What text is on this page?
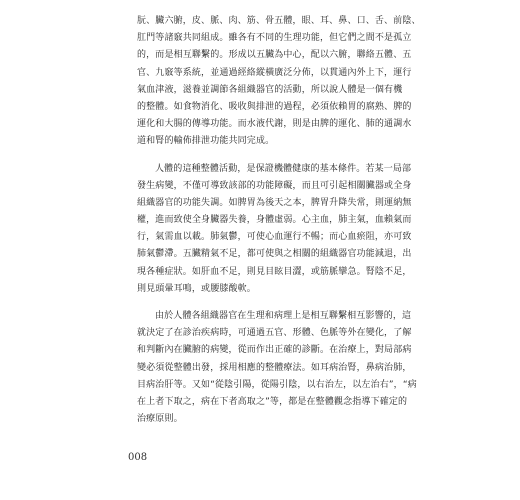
朊、臟六腑，皮、脈、肉、筋、骨五體，眼、耳、鼻、口、舌、前陰、
肛門等諸竅共同組成。雖各有不同的生理功能，但它們之間不是孤立
的，而是相互聯繫的。形成以五臟為中心，配以六腑，聯絡五體、五
官、九竅等系統，並通過經絡縱橫廣泛分佈，以貫通內外上下，運行
氣血津液，滋養並調節各組織器官的活動，所以說人體是一個有機
的整體。如食物消化、吸收與排泄的過程，必須依賴胃的腐熟、脾的
運化和大腸的傳導功能。而水液代謝，則是由脾的運化、肺的通調水
道和腎的輸佈排泄功能共同完成。
人體的這種整體活動，是保證機體健康的基本條件。若某一局部
發生病變，不僅可導致該部的功能障礙，而且可引起相關臟器或全身
組織器官的功能失調。如脾胃為後天之本，脾胃升降失常，則運納無
權，進而致使全身臟器失養，身體虛弱。心主血，肺主氣，血賴氣而
行，氣需血以載。肺氣鬱，可使心血運行不暢；而心血瘀阻，亦可致
肺氣鬱滯。五臟精氣不足，都可使與之相關的組織器官功能減退，出
現各種症狀。如肝血不足，則見目眩目澀，或筋脈攣急。腎陰不足，
則見頭暈耳鳴，或腰膝酸軟。
由於人體各組織器官在生理和病理上是相互聯繫相互影響的，這
就決定了在診治疾病時，可通過五官、形體、色脈等外在變化，了解
和判斷內在臟腑的病變，從而作出正確的診斷。在治療上，對局部病
變必須從整體出發，採用相應的整體療法。如耳病治腎，鼻病治肺，
目病治肝等。又如“從陰引陽，從陽引陰，以右治左，以左治右”，“病
在上者下取之，病在下者高取之”等，都是在整體觀念指導下確定的
治療原則。
008
